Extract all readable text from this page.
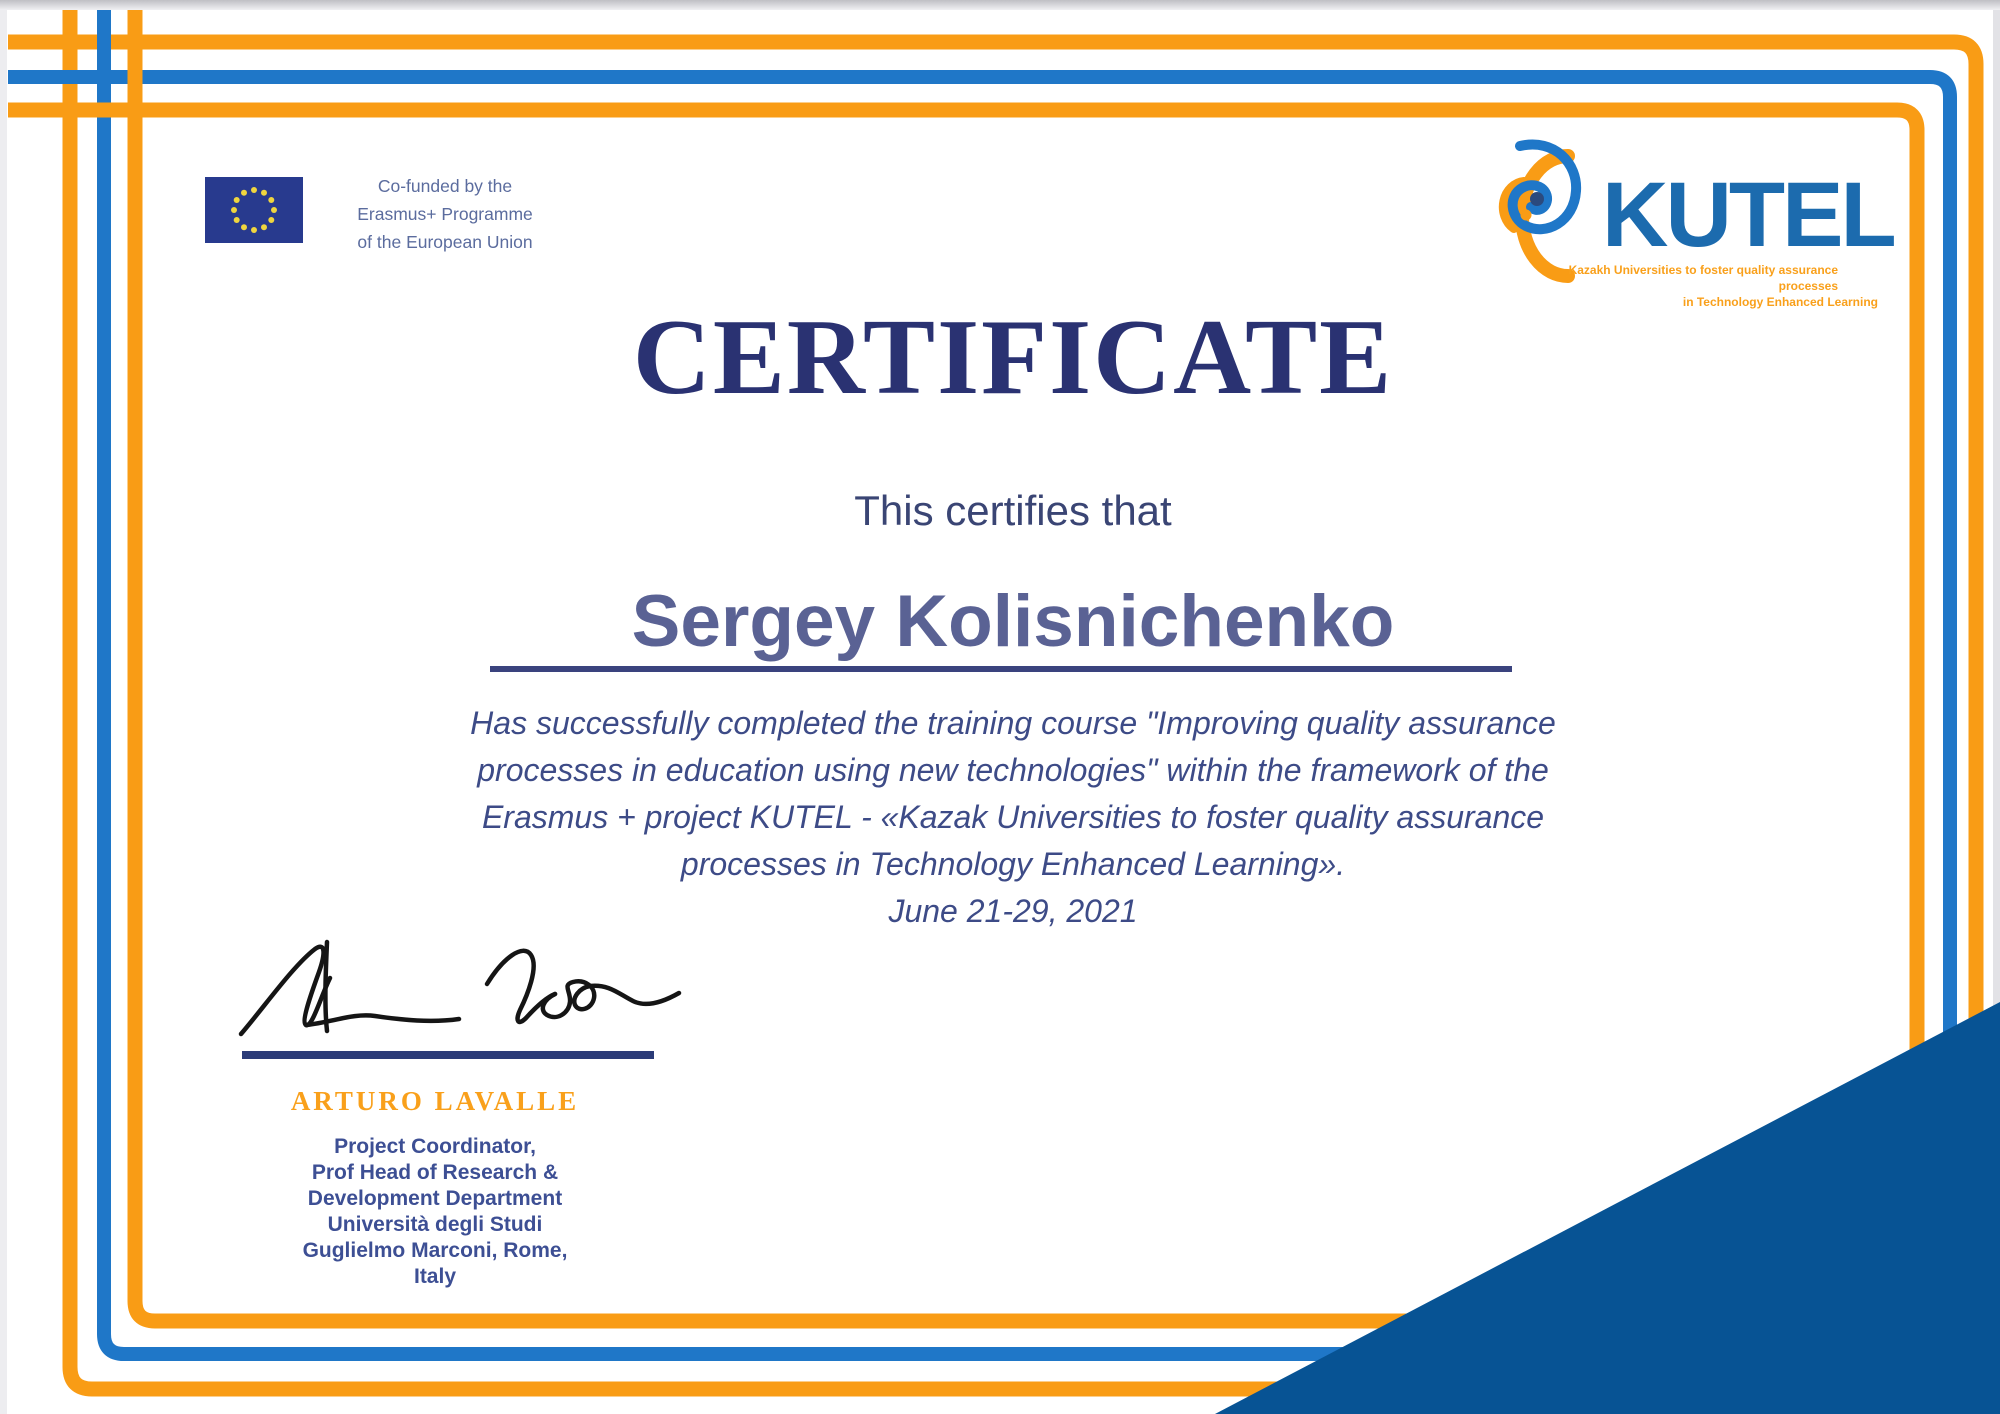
Co-funded by the
Erasmus+ Programme
of the European Union	KUTEL
Kazakh Universities to foster quality assurance processes
in Technology Enhanced Learning
CERTIFICATE
This certifies that
Sergey Kolisnichenko
Has successfully completed the training course "Improving quality assurance
processes in education using new technologies" within the framework of the
Erasmus + project KUTEL - «Kazak Universities to foster quality assurance
processes in Technology Enhanced Learning».
June 21-29, 2021
ARTURO LAVALLE
Project Coordinator,
Prof Head of Research &
Development Department
Università degli Studi
Guglielmo Marconi, Rome,
Italy
